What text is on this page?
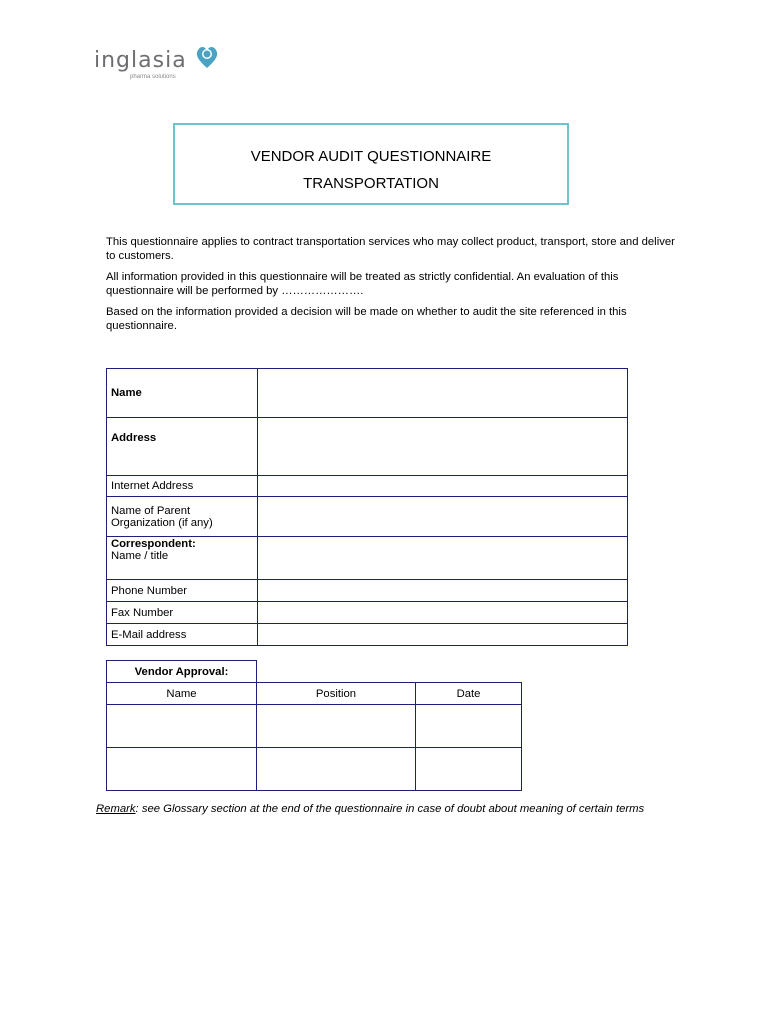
inglasia
pharma solutions
VENDOR AUDIT QUESTIONNAIRE
TRANSPORTATION

This questionnaire applies to contract transportation services who may collect product, transport, store and deliver to customers.

All information provided in this questionnaire will be treated as strictly confidential. An evaluation of this questionnaire will be performed by ………………….

Based on the information provided a decision will be made on whether to audit the site referenced in this questionnaire.

Name	
Address	
Internet Address	

Name of Parent
Organization (if any)	

Correspondent:
Name / title	

Phone Number	
Fax Number	
E-Mail address	
Vendor Approval:		
Name	Position	Date

Remark: see Glossary section at the end of the questionnaire in case of doubt about meaning of certain terms
